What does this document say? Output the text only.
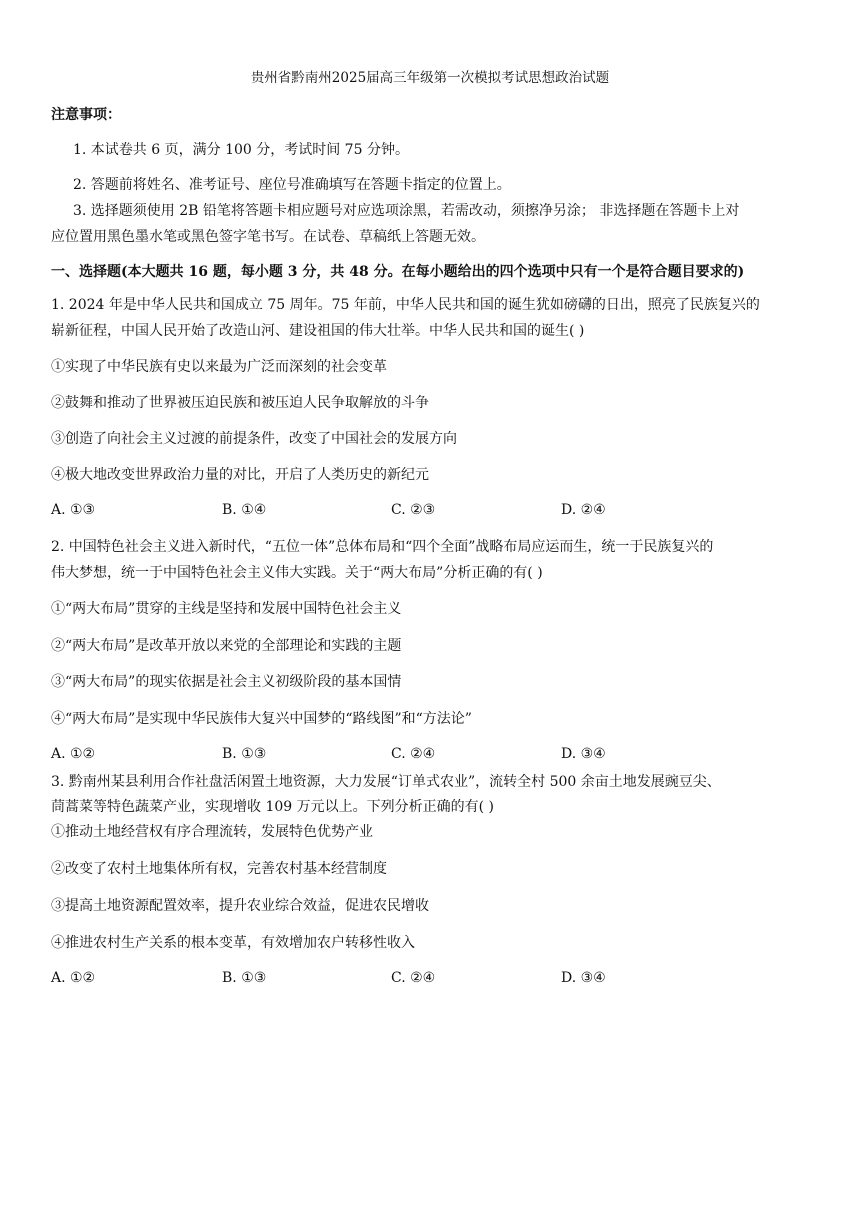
贵州省黔南州2025届高三年级第一次模拟考试思想政治试题
注意事项：
1. 本试卷共 6 页，满分 100 分，考试时间 75 分钟。
2. 答题前将姓名、准考证号、座位号准确填写在答题卡指定的位置上。
3. 选择题须使用 2B 铅笔将答题卡相应题号对应选项涂黑，若需改动，须擦净另涂； 非选择题在答题卡上对
应位置用黑色墨水笔或黑色签字笔书写。在试卷、草稿纸上答题无效。
一、选择题(本大题共 16 题，每小题 3 分，共 48 分。在每小题给出的四个选项中只有一个是符合题目要求的)
1. 2024 年是中华人民共和国成立 75 周年。75 年前，中华人民共和国的诞生犹如磅礴的日出，照亮了民族复兴的
崭新征程，中国人民开始了改造山河、建设祖国的伟大壮举。中华人民共和国的诞生( )
①实现了中华民族有史以来最为广泛而深刻的社会变革
②鼓舞和推动了世界被压迫民族和被压迫人民争取解放的斗争
③创造了向社会主义过渡的前提条件，改变了中国社会的发展方向
④极大地改变世界政治力量的对比，开启了人类历史的新纪元
A. ①③	B. ①④	C. ②③	D. ②④
2. 中国特色社会主义进入新时代，“五位一体”总体布局和“四个全面”战略布局应运而生，统一于民族复兴的
伟大梦想，统一于中国特色社会主义伟大实践。关于“两大布局”分析正确的有( )
①“两大布局”贯穿的主线是坚持和发展中国特色社会主义
②“两大布局”是改革开放以来党的全部理论和实践的主题
③“两大布局”的现实依据是社会主义初级阶段的基本国情
④“两大布局”是实现中华民族伟大复兴中国梦的“路线图”和“方法论”
A. ①②	B. ①③	C. ②④	D. ③④
3. 黔南州某县利用合作社盘活闲置土地资源，大力发展“订单式农业”，流转全村 500 余亩土地发展豌豆尖、
茼蒿菜等特色蔬菜产业，实现增收 109 万元以上。下列分析正确的有( )
①推动土地经营权有序合理流转，发展特色优势产业
②改变了农村土地集体所有权，完善农村基本经营制度
③提高土地资源配置效率，提升农业综合效益，促进农民增收
④推进农村生产关系的根本变革，有效增加农户转移性收入
A. ①②	B. ①③	C. ②④	D. ③④
